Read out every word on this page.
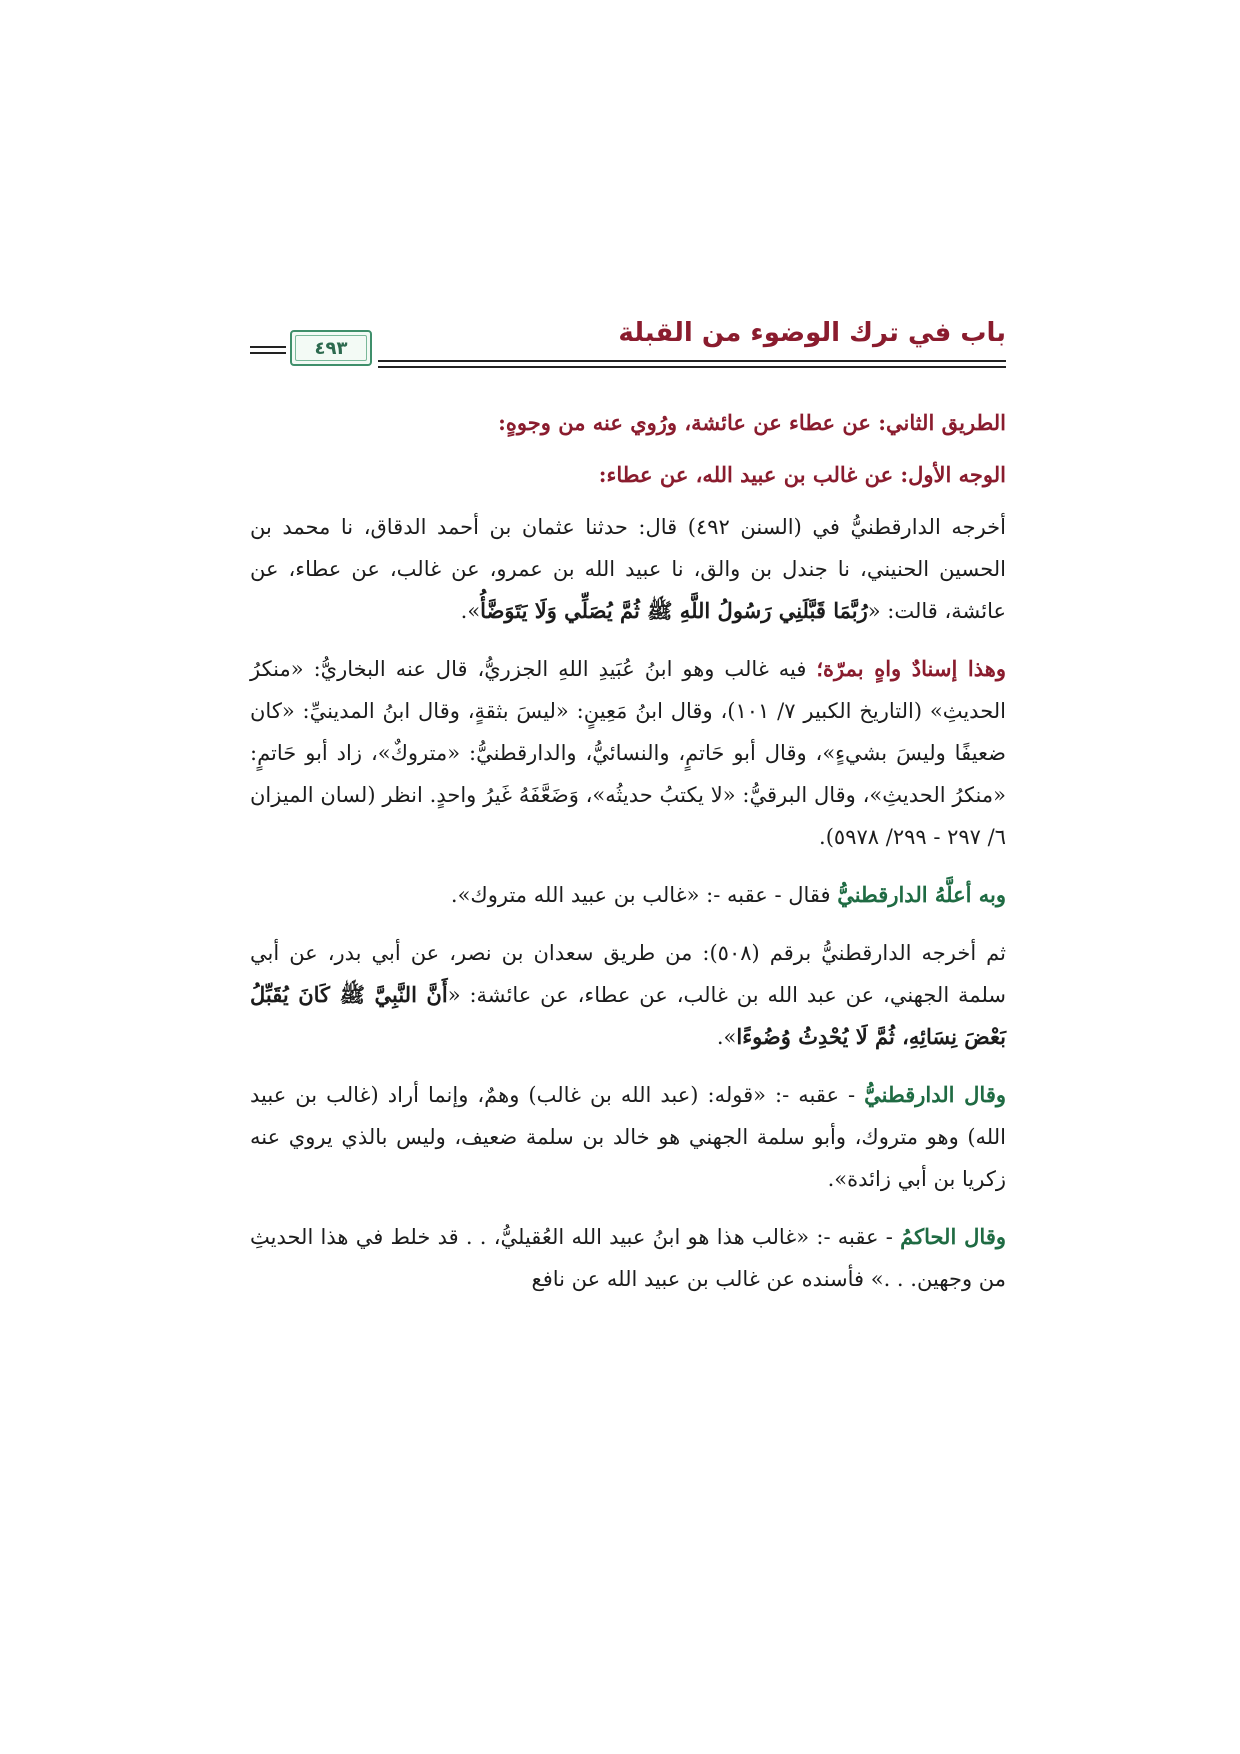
باب في ترك الوضوء من القبلة
٤٩٣

الطريق الثاني: عن عطاء عن عائشة، ورُوي عنه من وجوهٍ:

الوجه الأول: عن غالب بن عبيد الله، عن عطاء:

أخرجه الدارقطنيُّ في (السنن ٤٩٢) قال: حدثنا عثمان بن أحمد الدقاق، نا محمد بن الحسين الحنيني، نا جندل بن والق، نا عبيد الله بن عمرو، عن غالب، عن عطاء، عن عائشة، قالت: «رُبَّمَا قَبَّلَنِي رَسُولُ اللَّهِ ﷺ ثُمَّ يُصَلِّي وَلَا يَتَوَضَّأُ».

وهذا إسنادٌ واهٍ بمرّة؛ فيه غالب وهو ابنُ عُبَيدِ اللهِ الجزريُّ، قال عنه البخاريُّ: «منكرُ الحديثِ» (التاريخ الكبير ٧/ ١٠١)، وقال ابنُ مَعِينٍ: «ليسَ بثقةٍ، وقال ابنُ المدينيِّ: «كان ضعيفًا وليسَ بشيءٍ»، وقال أبو حَاتمٍ، والنسائيُّ، والدارقطنيُّ: «متروكٌ»، زاد أبو حَاتمٍ: «منكرُ الحديثِ»، وقال البرقيُّ: «لا يكتبُ حديثُه»، وَضَعَّفَهُ غَيرُ واحدٍ. انظر (لسان الميزان ٦/ ٢٩٧ - ٢٩٩/ ٥٩٧٨).

وبه أعلَّهُ الدارقطنيُّ فقال - عقبه -: «غالب بن عبيد الله متروك».

ثم أخرجه الدارقطنيُّ برقم (٥٠٨): من طريق سعدان بن نصر، عن أبي بدر، عن أبي سلمة الجهني، عن عبد الله بن غالب، عن عطاء، عن عائشة: «أَنَّ النَّبِيَّ ﷺ كَانَ يُقَبِّلُ بَعْضَ نِسَائِهِ، ثُمَّ لَا يُحْدِثُ وُضُوءًا».

وقال الدارقطنيُّ - عقبه -: «قوله: (عبد الله بن غالب) وهمٌ، وإنما أراد (غالب بن عبيد الله) وهو متروك، وأبو سلمة الجهني هو خالد بن سلمة ضعيف، وليس بالذي يروي عنه زكريا بن أبي زائدة».

وقال الحاكمُ - عقبه -: «غالب هذا هو ابنُ عبيد الله العُقيليُّ، . . قد خلط في هذا الحديثِ من وجهين. . .» فأسنده عن غالب بن عبيد الله عن نافع
